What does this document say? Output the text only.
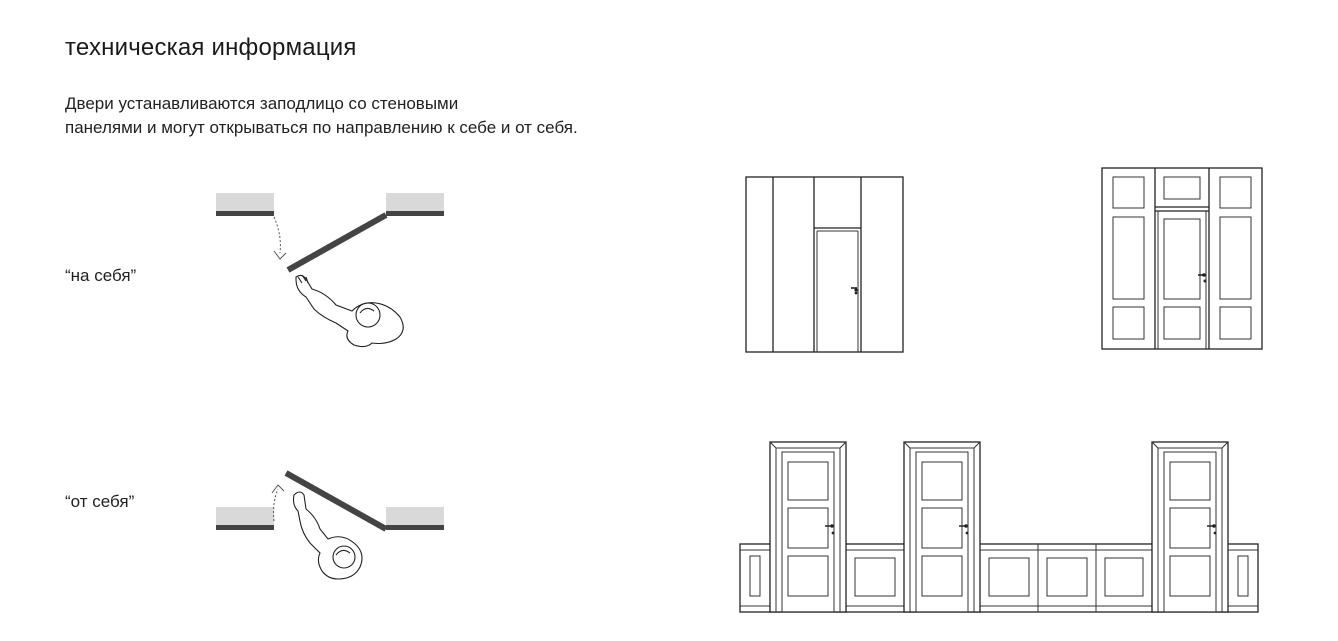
техническая информация
Двери устанавливаются заподлицо со стеновыми
панелями и могут открываться по направлению к себе и от себя.
“на себя”
“от себя”
